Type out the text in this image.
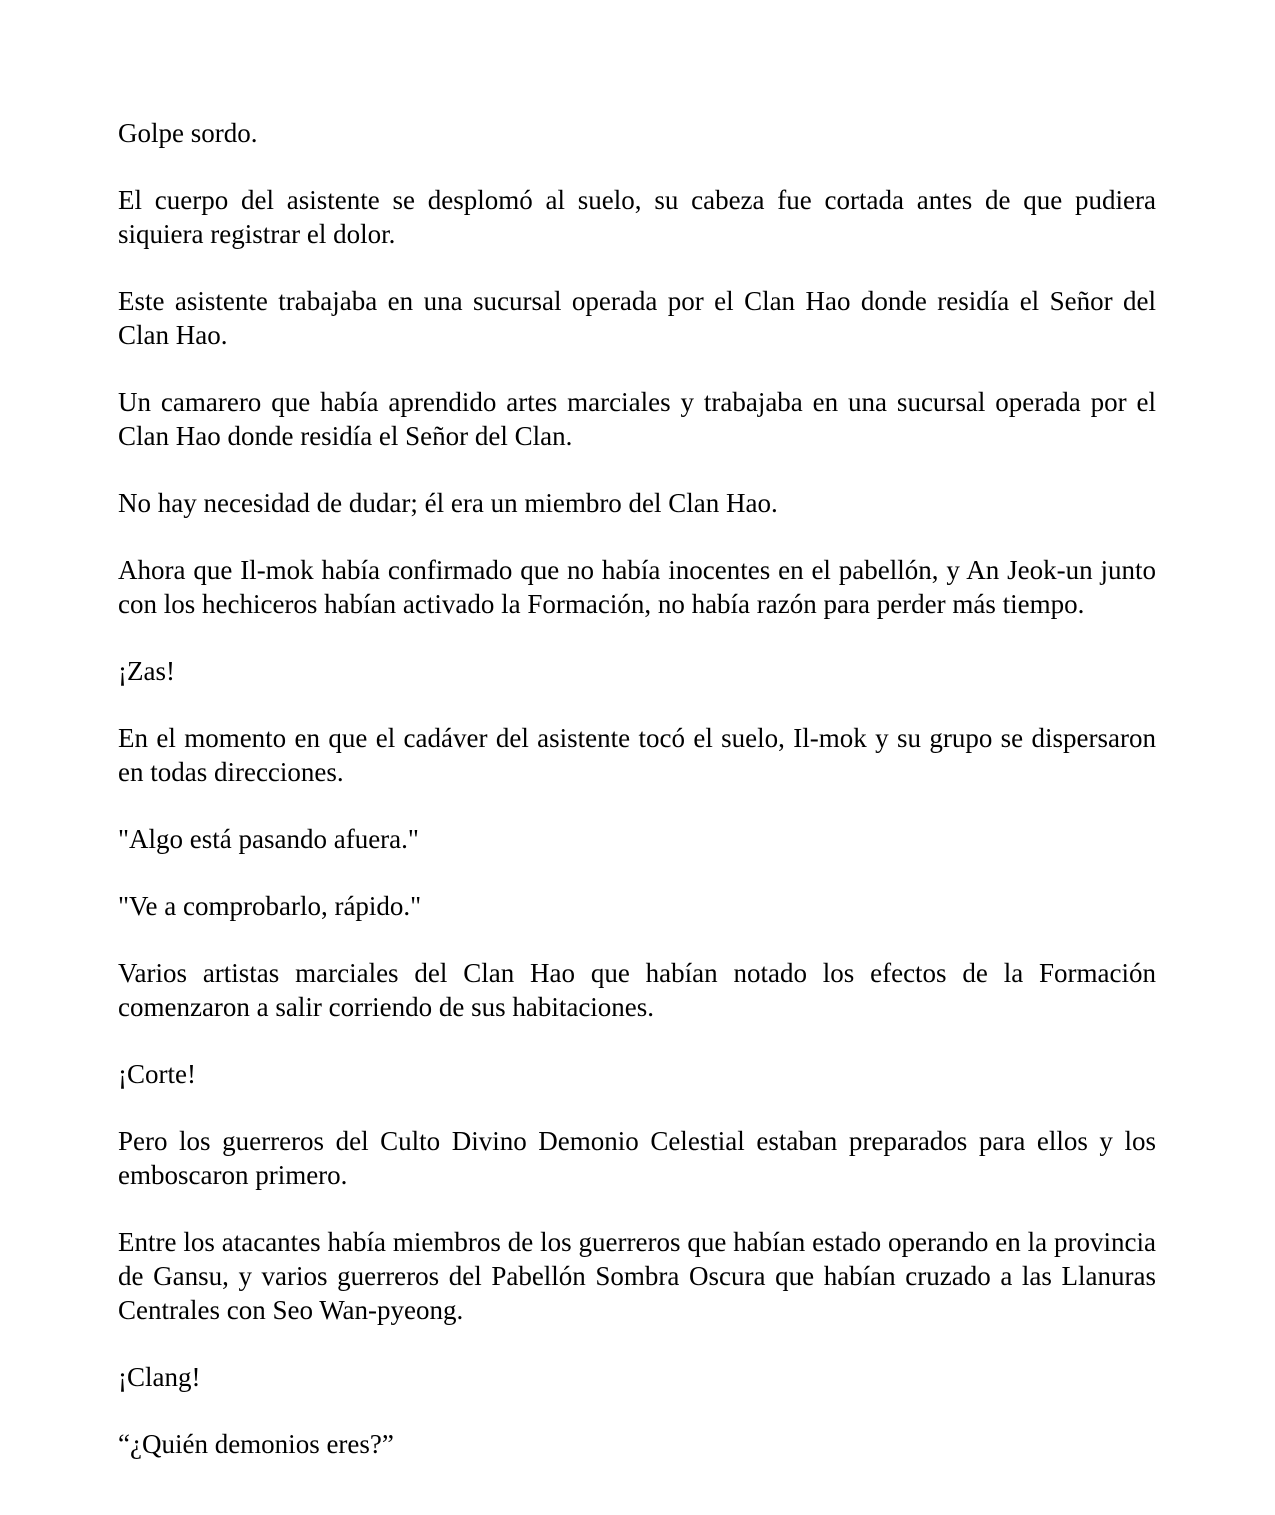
Golpe sordo.

El cuerpo del asistente se desplomó al suelo, su cabeza fue cortada antes de que pudiera siquiera registrar el dolor.

Este asistente trabajaba en una sucursal operada por el Clan Hao donde residía el Señor del Clan Hao.

Un camarero que había aprendido artes marciales y trabajaba en una sucursal operada por el Clan Hao donde residía el Señor del Clan.

No hay necesidad de dudar; él era un miembro del Clan Hao.

Ahora que Il-mok había confirmado que no había inocentes en el pabellón, y An Jeok-un junto con los hechiceros habían activado la Formación, no había razón para perder más tiempo.

¡Zas!

En el momento en que el cadáver del asistente tocó el suelo, Il-mok y su grupo se dispersaron en todas direcciones.

"Algo está pasando afuera."

"Ve a comprobarlo, rápido."

Varios artistas marciales del Clan Hao que habían notado los efectos de la Formación comenzaron a salir corriendo de sus habitaciones.

¡Corte!

Pero los guerreros del Culto Divino Demonio Celestial estaban preparados para ellos y los emboscaron primero.

Entre los atacantes había miembros de los guerreros que habían estado operando en la provincia de Gansu, y varios guerreros del Pabellón Sombra Oscura que habían cruzado a las Llanuras Centrales con Seo Wan-pyeong.

¡Clang!

“¿Quién demonios eres?”
